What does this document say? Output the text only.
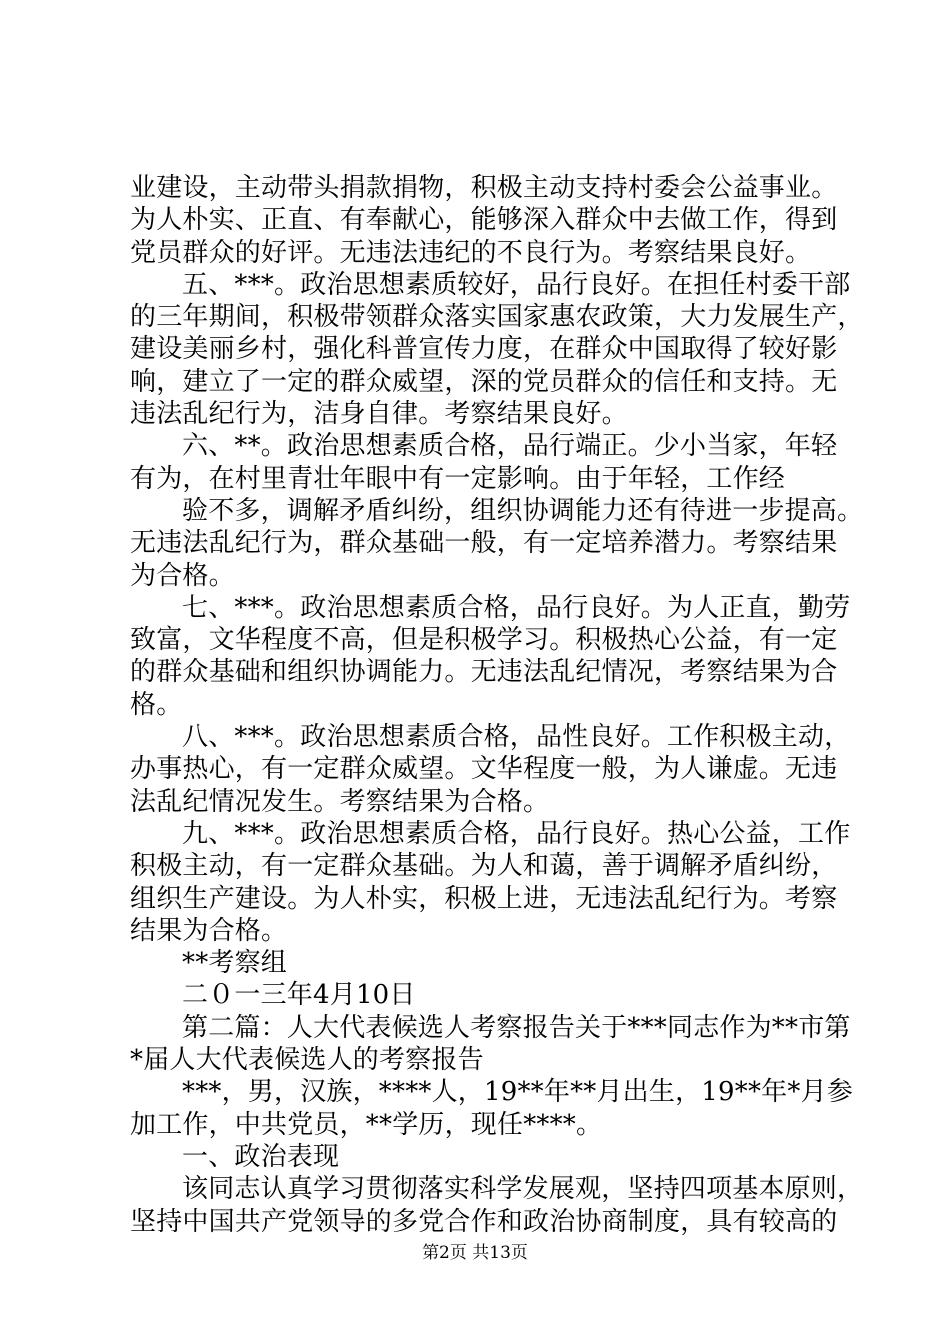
业建设，主动带头捐款捐物，积极主动支持村委会公益事业。
为人朴实、正直、有奉献心，能够深入群众中去做工作，得到
党员群众的好评。无违法违纪的不良行为。考察结果良好。
五、***。政治思想素质较好，品行良好。在担任村委干部
的三年期间，积极带领群众落实国家惠农政策，大力发展生产，
建设美丽乡村，强化科普宣传力度，在群众中国取得了较好影
响，建立了一定的群众威望，深的党员群众的信任和支持。无
违法乱纪行为，洁身自律。考察结果良好。
六、**。政治思想素质合格，品行端正。少小当家，年轻
有为，在村里青壮年眼中有一定影响。由于年轻，工作经
验不多，调解矛盾纠纷，组织协调能力还有待进一步提高。
无违法乱纪行为，群众基础一般，有一定培养潜力。考察结果
为合格。
七、***。政治思想素质合格，品行良好。为人正直，勤劳
致富，文华程度不高，但是积极学习。积极热心公益，有一定
的群众基础和组织协调能力。无违法乱纪情况，考察结果为合
格。
八、***。政治思想素质合格，品性良好。工作积极主动，
办事热心，有一定群众威望。文华程度一般，为人谦虚。无违
法乱纪情况发生。考察结果为合格。
九、***。政治思想素质合格，品行良好。热心公益，工作
积极主动，有一定群众基础。为人和蔼，善于调解矛盾纠纷，
组织生产建设。为人朴实，积极上进，无违法乱纪行为。考察
结果为合格。
**考察组
二０一三年4月10日
第二篇：人大代表候选人考察报告关于***同志作为**市第
*届人大代表候选人的考察报告
***，男，汉族，****人，19**年**月出生，19**年*月参
加工作，中共党员，**学历，现任****。
一、政治表现
该同志认真学习贯彻落实科学发展观，坚持四项基本原则，
坚持中国共产党领导的多党合作和政治协商制度，具有较高的
第2页 共13页
